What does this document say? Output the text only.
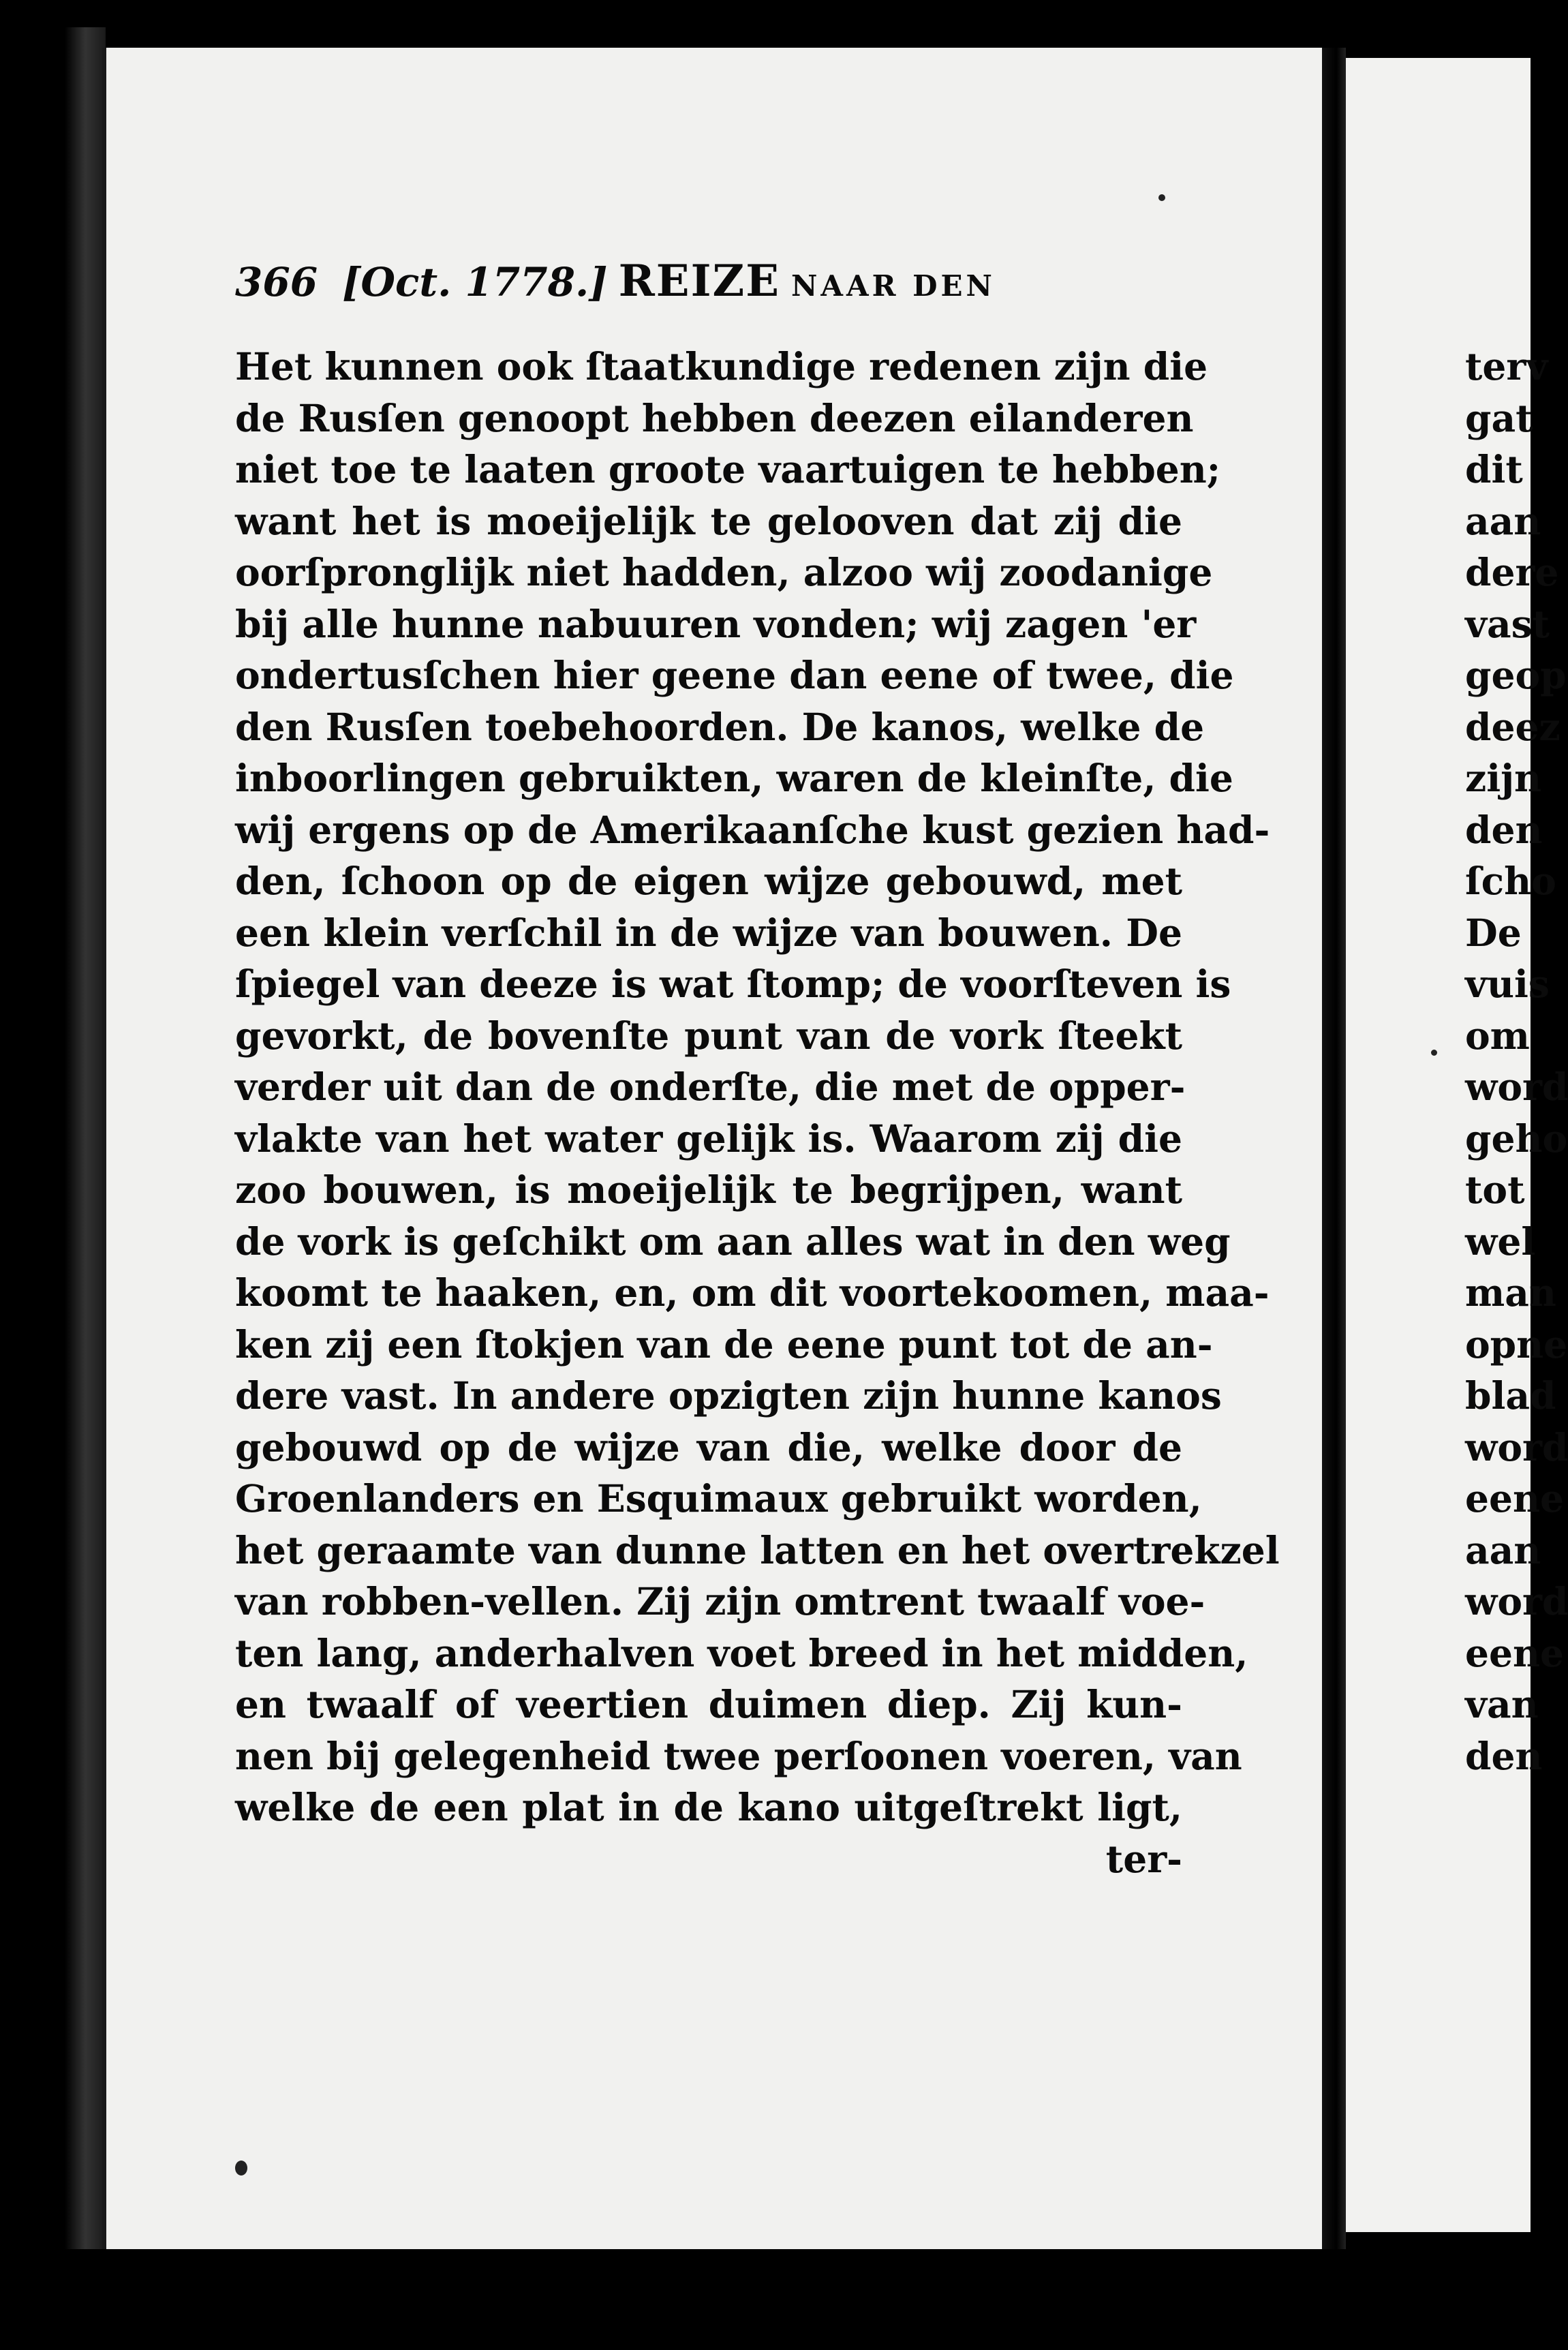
366 [Oct. 1778.] REIZE NAAR DEN
Het kunnen ook ſtaatkundige redenen zijn die
de Rusſen genoopt hebben deezen eilanderen
niet toe te laaten groote vaartuigen te hebben;
want het is moeijelijk te gelooven dat zij die
oorſpronglijk niet hadden, alzoo wij zoodanige
bij alle hunne nabuuren vonden; wij zagen 'er
ondertusſchen hier geene dan eene of twee, die
den Rusſen toebehoorden. De kanos, welke de
inboorlingen gebruikten, waren de kleinſte, die
wij ergens op de Amerikaanſche kust gezien had-
den, ſchoon op de eigen wijze gebouwd, met
een klein verſchil in de wijze van bouwen. De
ſpiegel van deeze is wat ſtomp; de voorſteven is
gevorkt, de bovenſte punt van de vork ſteekt
verder uit dan de onderſte, die met de opper-
vlakte van het water gelijk is. Waarom zij die
zoo bouwen, is moeijelijk te begrijpen, want
de vork is geſchikt om aan alles wat in den weg
koomt te haaken, en, om dit voortekoomen, maa-
ken zij een ſtokjen van de eene punt tot de an-
dere vast. In andere opzigten zijn hunne kanos
gebouwd op de wijze van die, welke door de
Groenlanders en Esquimaux gebruikt worden,
het geraamte van dunne latten en het overtrekzel
van robben-vellen. Zij zijn omtrent twaalf voe-
ten lang, anderhalven voet breed in het midden,
en twaalf of veertien duimen diep. Zij kun-
nen bij gelegenheid twee perſoonen voeren, van
welke de een plat in de kano uitgeſtrekt ligt,
ter-
terv
gat
dit
aan
dere
vast
geop
deez
zijn
den
ſcho
De
vuis
om
word
geho
tot
wel
man
opne
blad
word
eene
aan
word
eene
van
den
